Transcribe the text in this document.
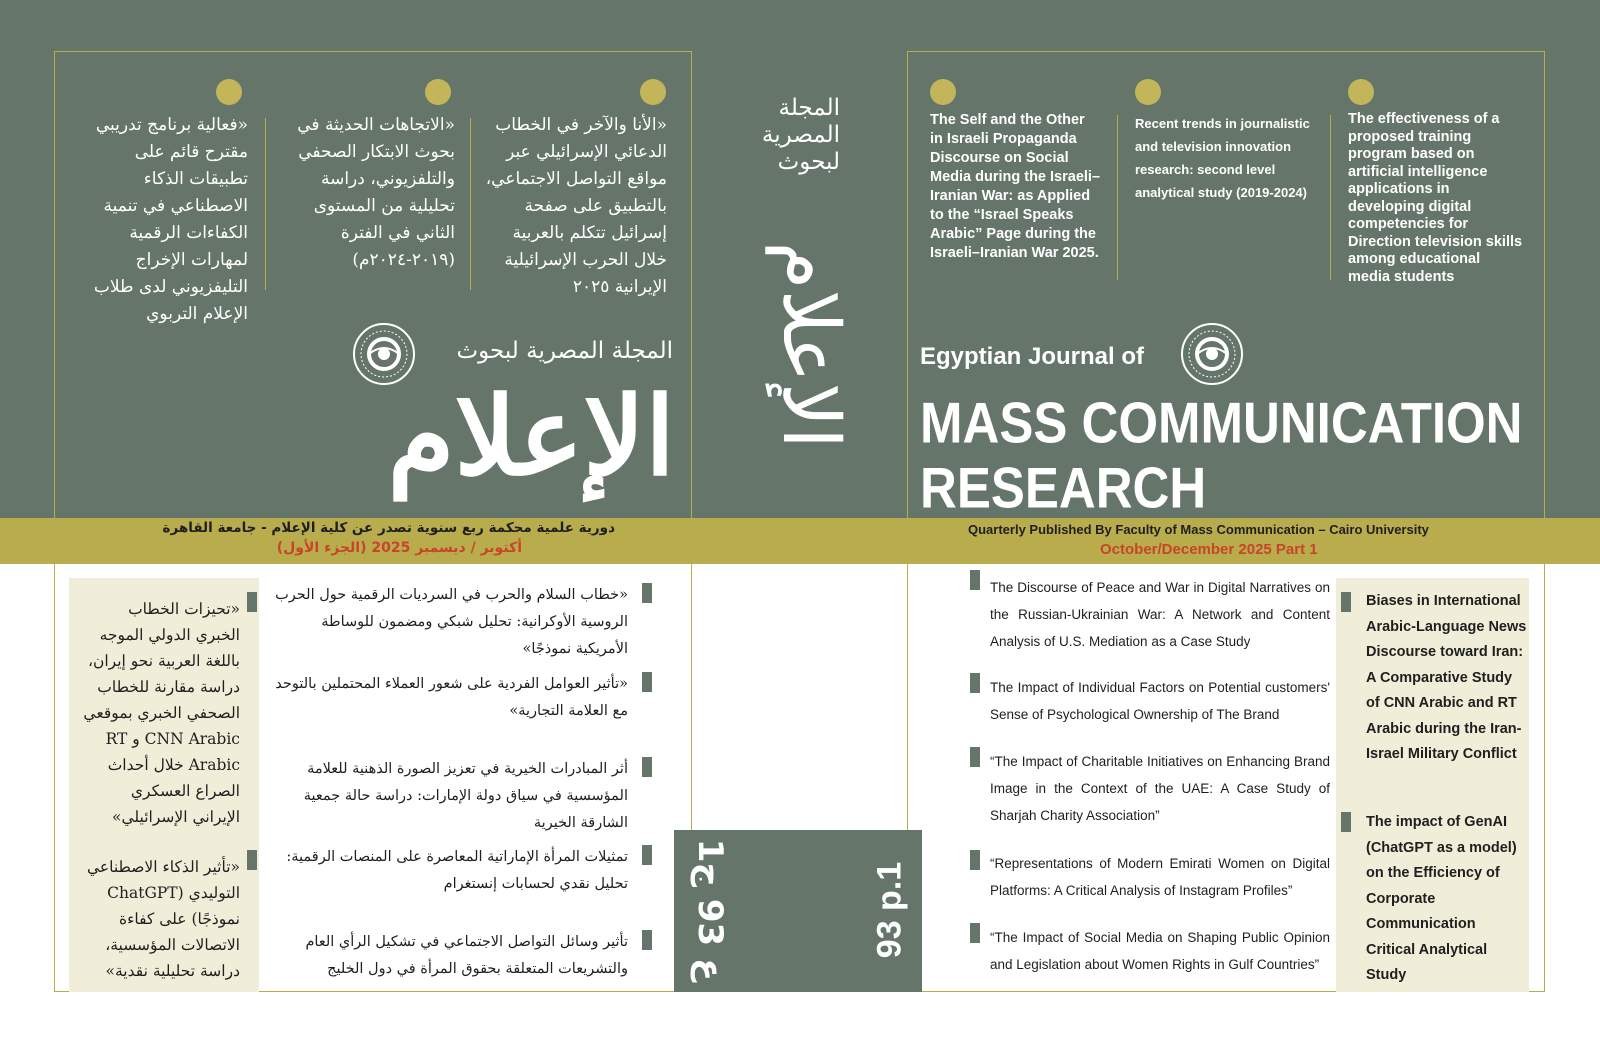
«فعالية برنامج تدريبي مقترح قائم على تطبيقات الذكاء الاصطناعي في تنمية الكفاءات الرقمية لمهارات الإخراج التليفزيوني لدى طلاب الإعلام التربوي
«الاتجاهات الحديثة في بحوث الابتكار الصحفي والتلفزيوني، دراسة تحليلية من المستوى الثاني في الفترة (٢٠١٩-٢٠٢٤م)
«الأنا والآخر في الخطاب الدعائي الإسرائيلي عبر مواقع التواصل الاجتماعي، بالتطبيق على صفحة إسرائيل تتكلم بالعربية خلال الحرب الإسرائيلية الإيرانية ٢٠٢٥
المجلة المصرية لبحوث
الإعلام
دورية علمية محكمة ربع سنوية تصدر عن كلية الإعلام - جامعة القاهرة
أكتوبر / ديسمبر 2025 (الجزء الأول)
المجلة المصرية لبحوث
الإعلام
ع 93 ج1
93 p.1
The Self and the Other in Israeli Propaganda Discourse on Social Media during the Israeli–Iranian War: as Applied to the “Israel Speaks Arabic” Page during the Israeli–Iranian War 2025.
Recent trends in journalistic and television innovation research: second level analytical study (2019-2024)
The effectiveness of a proposed training program based on artificial intelligence applications in developing digital competencies for Direction television skills among educational media students
Egyptian Journal of
MASS COMMUNICATION
RESEARCH
Quarterly Published By Faculty of Mass Communication – Cairo University
October/December 2025 Part 1
«تحيزات الخطاب الخبري الدولي الموجه باللغة العربية نحو إيران، دراسة مقارنة للخطاب الصحفي الخبري بموقعي CNN Arabic و RT Arabic خلال أحداث الصراع العسكري الإيراني الإسرائيلي»
«تأثير الذكاء الاصطناعي التوليدي (ChatGPT نموذجًا) على كفاءة الاتصالات المؤسسية، دراسة تحليلية نقدية»
«خطاب السلام والحرب في السرديات الرقمية حول الحرب الروسية الأوكرانية: تحليل شبكي ومضمون للوساطة الأمريكية نموذجًا»
«تأثير العوامل الفردية على شعور العملاء المحتملين بالتوحد مع العلامة التجارية»
أثر المبادرات الخيرية في تعزيز الصورة الذهنية للعلامة المؤسسية في سياق دولة الإمارات: دراسة حالة جمعية الشارقة الخيرية
تمثيلات المرأة الإماراتية المعاصرة على المنصات الرقمية: تحليل نقدي لحسابات إنستغرام
تأثير وسائل التواصل الاجتماعي في تشكيل الرأي العام والتشريعات المتعلقة بحقوق المرأة في دول الخليج
The Discourse of Peace and War in Digital Narratives on the Russian-Ukrainian War: A Network and Content Analysis of U.S. Mediation as a Case Study
The Impact of Individual Factors on Potential customers' Sense of Psychological Ownership of The Brand
“The Impact of Charitable Initiatives on Enhancing Brand Image in the Context of the UAE: A Case Study of Sharjah Charity Association”
“Representations of Modern Emirati Women on Digital Platforms: A Critical Analysis of Instagram Profiles”
“The Impact of Social Media on Shaping Public Opinion and Legislation about Women Rights in Gulf Countries”
Biases in International Arabic-Language News Discourse toward Iran: A Comparative Study of CNN Arabic and RT Arabic during the Iran-Israel Military Conflict
The impact of GenAI (ChatGPT as a model) on the Efficiency of Corporate Communication Critical Analytical Study
